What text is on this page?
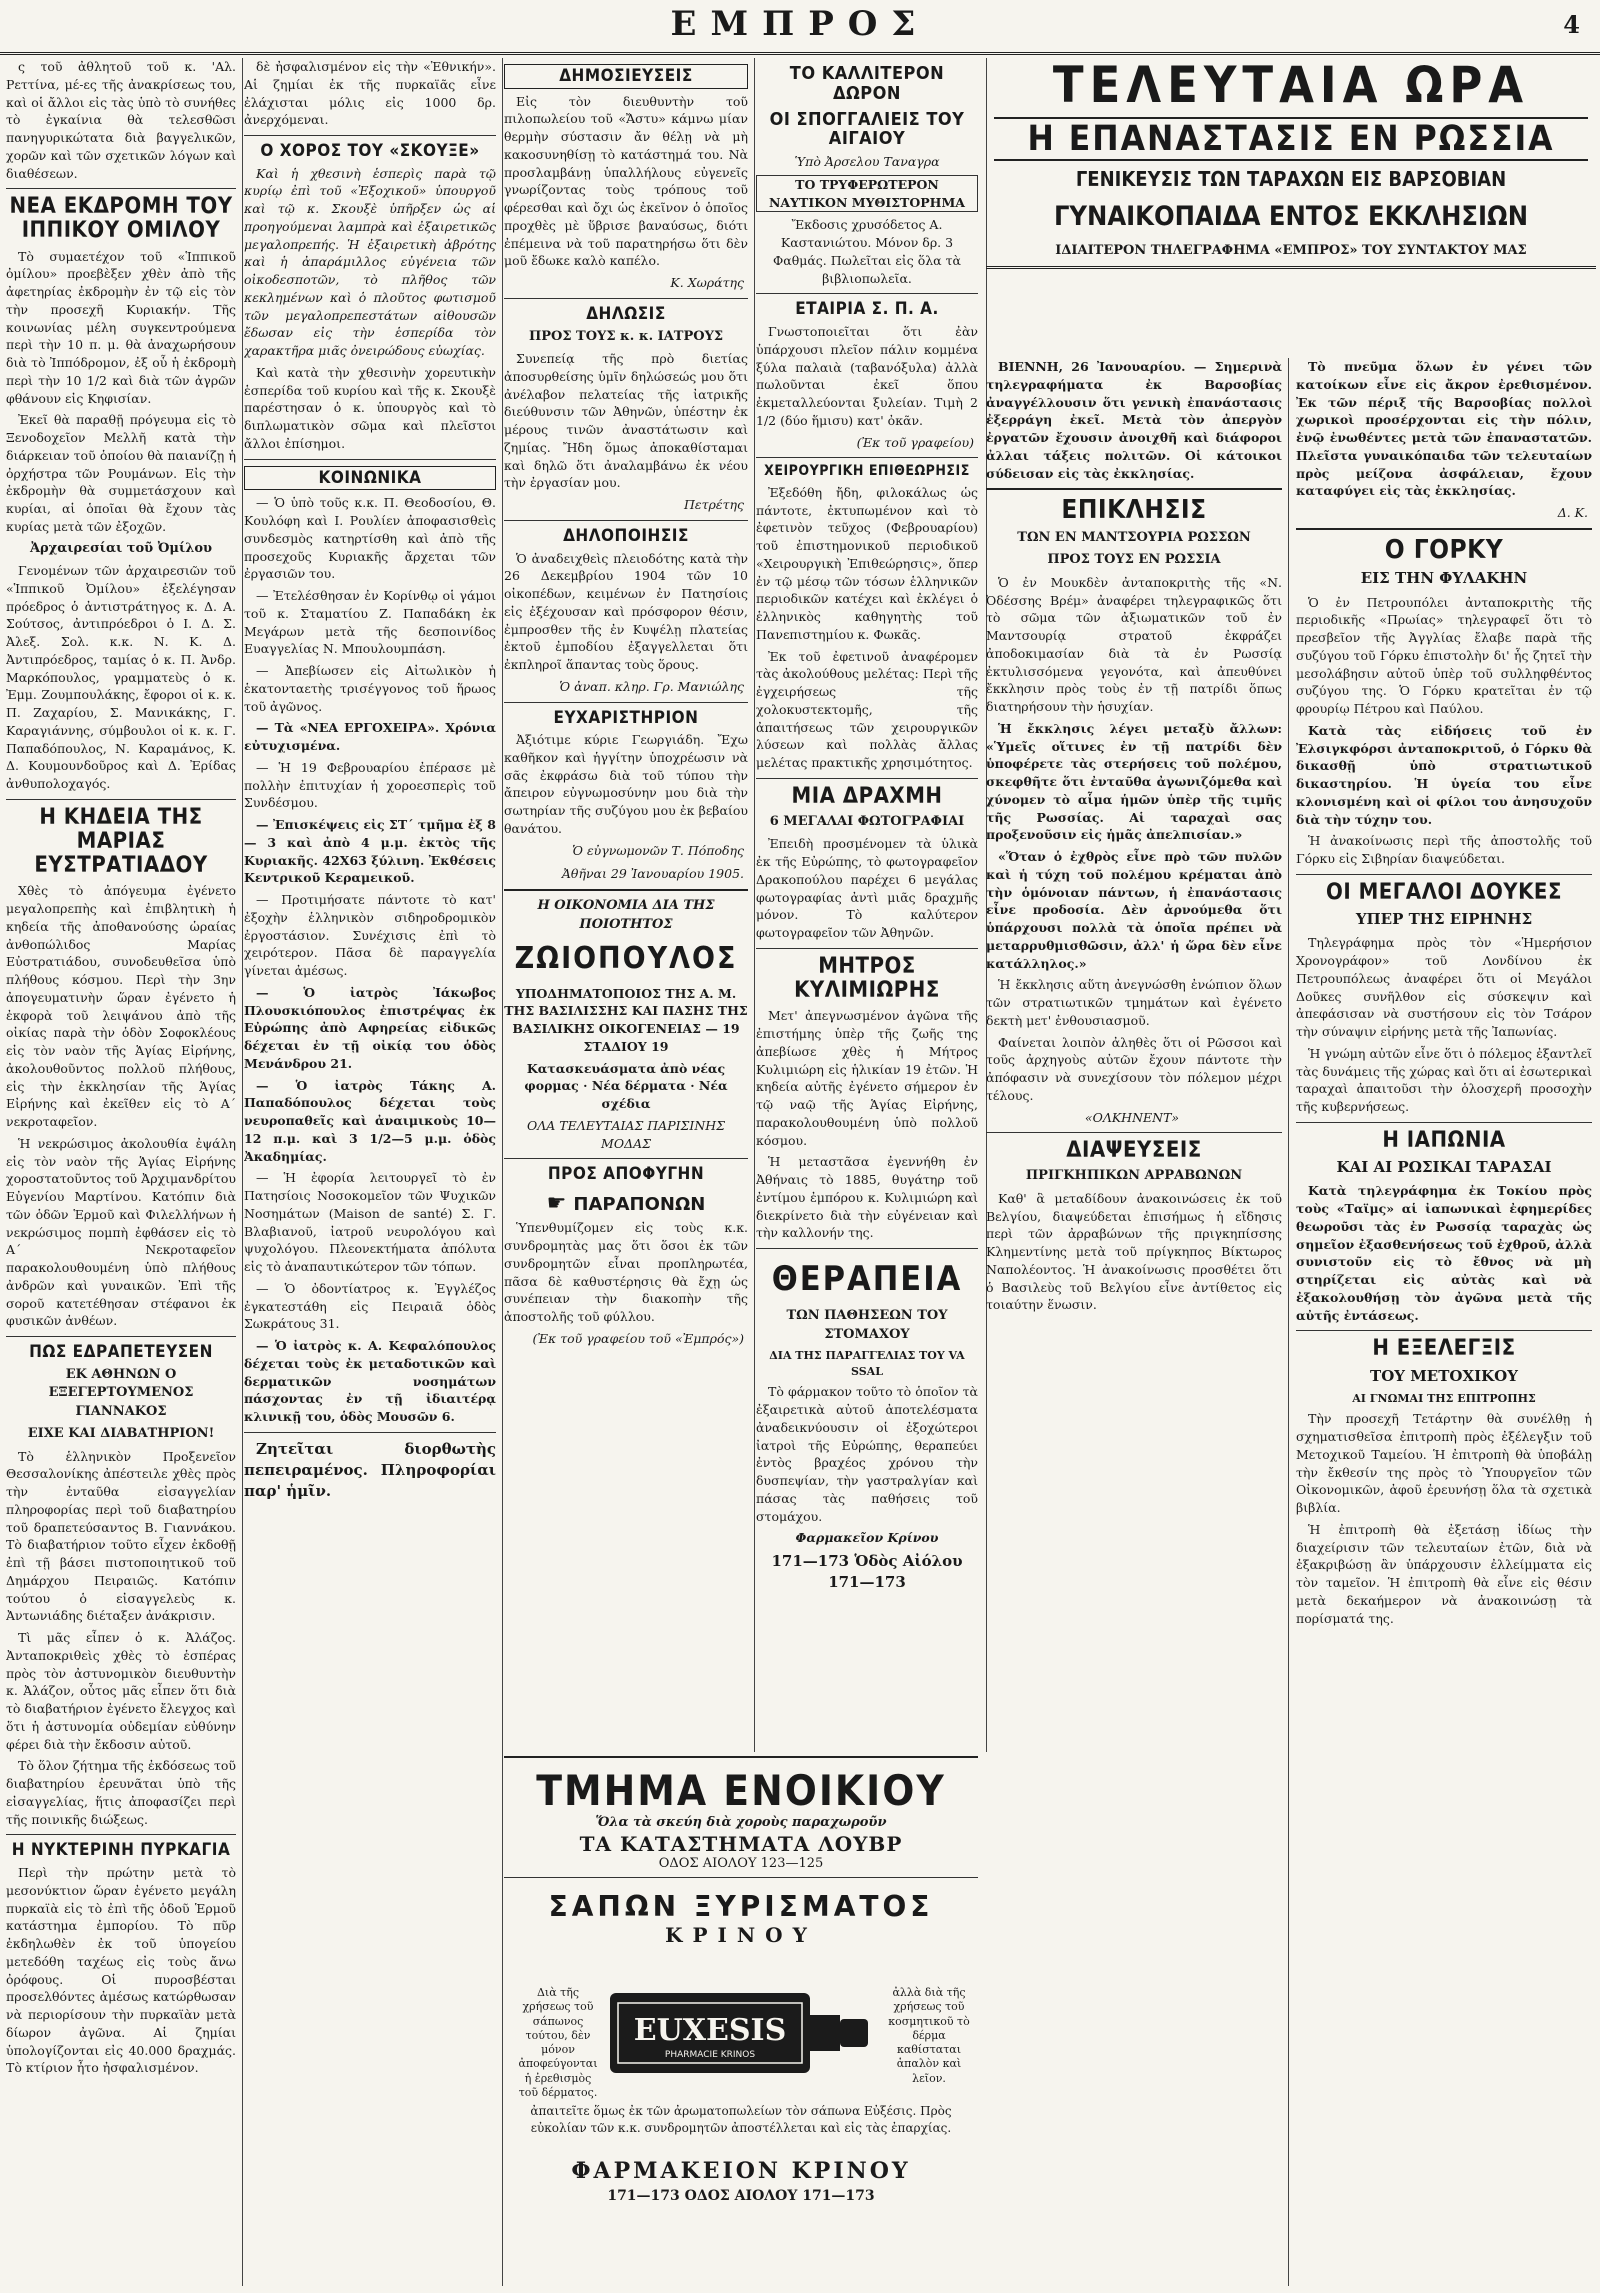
ΕΜΠΡΟΣ	4

ς τοῦ ἀθλητοῦ τοῦ κ. 'Αλ. Ρεττίνα, μέ-ες τῆς ἀνακρίσεως του, καὶ οἱ ἄλλοι εἰς τὰς ὑπὸ τὸ συνήθες τὸ ἐγκαίνια θὰ τελεσθῶσι πανηγυρικώτατα διὰ βαγγελικῶν, χορῶν καὶ τῶν σχετικῶν λόγων καὶ διαθέσεων.

ΝΕΑ ΕΚΔΡΟΜΗ ΤΟΥ ΙΠΠΙΚΟΥ ΟΜΙΛΟΥ

Τὸ συμαετέχον τοῦ «Ἱππικοῦ ὀμίλου» προεβὲξεν χθὲν ἀπὸ τῆς ἀφετηρίας ἐκδρομὴν ἐν τῷ εἰς τὸν τὴν προσεχῆ Κυριακήν. Τῆς κοινωνίας μέλη συγκεντρούμενα περὶ τὴν 10 π. μ. θὰ ἀναχωρήσουν διὰ τὸ Ἰππόδρομον, ἐξ οὗ ἡ ἐκδρομὴ περὶ τὴν 10 1/2 καὶ διὰ τῶν ἀγρῶν φθάνουν εἰς Κηφισίαν.

Ἐκεῖ θὰ παραθῇ πρόγευμα εἰς τὸ Ξενοδοχεῖον Μελλῆ κατὰ τὴν διάρκειαν τοῦ ὁποίου θὰ παιανίζῃ ἡ ὀρχήστρα τῶν Ρουμάνων. Εἰς τὴν ἐκδρομὴν θὰ συμμετάσχουν καὶ κυρίαι, αἱ ὁποῖαι θὰ ἔχουν τὰς κυρίας μετὰ τῶν ἐξοχῶν.

Ἀρχαιρεσίαι τοῦ Ὀμίλου

Γενομένων τῶν ἀρχαιρεσιῶν τοῦ «Ἱππικοῦ Ὀμίλου» ἐξελέγησαν πρόεδρος ὁ ἀντιστράτηγος κ. Δ. Α. Σούτσος, ἀντιπρόεδροι ὁ Ι. Δ. Σ. Ἀλεξ. Σολ. κ.κ. Ν. Κ. Δ. Ἀντιπρόεδρος, ταμίας ὁ κ. Π. Ἀνδρ. Μαρκόπουλος, γραμματεὺς ὁ κ. Ἐμμ. Ζουμπουλάκης, ἔφοροι οἱ κ. κ. Π. Ζαχαρίου, Σ. Μανικάκης, Γ. Καραγιάννης, σύμβουλοι οἱ κ. κ. Γ. Παπαδόπουλος, Ν. Καραμάνος, Κ. Δ. Κουμουνδοῦρος καὶ Δ. Ἐρίδας ἀνθυπολοχαγός.

Η ΚΗΔΕΙΑ ΤΗΣ ΜΑΡΙΑΣ ΕΥΣΤΡΑΤΙΑΔΟΥ

Χθὲς τὸ ἀπόγευμα ἐγένετο μεγαλοπρεπὴς καὶ ἐπιβλητικὴ ἡ κηδεία τῆς ἀποθανούσης ὡραίας ἀνθοπώλιδος Μαρίας Εὐστρατιάδου, συνοδευθεῖσα ὑπὸ πλήθους κόσμου. Περὶ τὴν 3ην ἀπογευματινὴν ὥραν ἐγένετο ἡ ἐκφορὰ τοῦ λειψάνου ἀπὸ τῆς οἰκίας παρὰ τὴν ὁδὸν Σοφοκλέους εἰς τὸν ναὸν τῆς Ἁγίας Εἰρήνης, ἀκολουθοῦντος πολλοῦ πλήθους, εἰς τὴν ἐκκλησίαν τῆς Ἁγίας Εἰρήνης καὶ ἐκεῖθεν εἰς τὸ Α΄ νεκροταφεῖον.

Ἡ νεκρώσιμος ἀκολουθία ἐψάλη εἰς τὸν ναὸν τῆς Ἁγίας Εἰρήνης χοροστατοῦντος τοῦ Ἀρχιμανδρίτου Εὐγενίου Μαρτίνου. Κατόπιν διὰ τῶν ὁδῶν Ἑρμοῦ καὶ Φιλελλήνων ἡ νεκρώσιμος πομπὴ ἐφθάσεν εἰς τὸ Α΄ Νεκροταφεῖον παρακολουθουμένη ὑπὸ πλήθους ἀνδρῶν καὶ γυναικῶν. Ἐπὶ τῆς σοροῦ κατετέθησαν στέφανοι ἐκ φυσικῶν ἀνθέων.

ΠΩΣ ΕΔΡΑΠΕΤΕΥΣΕΝ
ΕΚ ΑΘΗΝΩΝ Ο ΕΞΕΓΕΡΤΟΥΜΕΝΟΣ ΓΙΑΝΝΑΚΟΣ
ΕΙΧΕ ΚΑΙ ΔΙΑΒΑΤΗΡΙΟΝ!

Τὸ ἑλληνικὸν Προξενεῖον Θεσσαλονίκης ἀπέστειλε χθὲς πρὸς τὴν ἐνταῦθα εἰσαγγελίαν πληροφορίας περὶ τοῦ διαβατηρίου τοῦ δραπετεύσαντος Β. Γιαννάκου. Τὸ διαβατήριον τοῦτο εἶχεν ἐκδοθῇ ἐπὶ τῇ βάσει πιστοποιητικοῦ τοῦ Δημάρχου Πειραιῶς. Κατόπιν τούτου ὁ εἰσαγγελεὺς κ. Ἀντωνιάδης διέταξεν ἀνάκρισιν.

Τὶ μᾶς εἶπεν ὁ κ. Ἀλάζος. Ἀνταποκριθεὶς χθὲς τὸ ἑσπέρας πρὸς τὸν ἀστυνομικὸν διευθυντὴν κ. Ἀλάζον, οὗτος μᾶς εἶπεν ὅτι διὰ τὸ διαβατήριον ἐγένετο ἔλεγχος καὶ ὅτι ἡ ἀστυνομία οὐδεμίαν εὐθύνην φέρει διὰ τὴν ἔκδοσιν αὐτοῦ.

Τὸ ὅλον ζήτημα τῆς ἐκδόσεως τοῦ διαβατηρίου ἐρευνᾶται ὑπὸ τῆς εἰσαγγελίας, ἥτις ἀποφασίζει περὶ τῆς ποινικῆς διώξεως.

Η ΝΥΚΤΕΡΙΝΗ ΠΥΡΚΑΓΙΑ

Περὶ τὴν πρώτην μετὰ τὸ μεσονύκτιον ὥραν ἐγένετο μεγάλη πυρκαϊὰ εἰς τὸ ἐπὶ τῆς ὁδοῦ Ἑρμοῦ κατάστημα ἐμπορίου. Τὸ πῦρ ἐκδηλωθὲν ἐκ τοῦ ὑπογείου μετεδόθη ταχέως εἰς τοὺς ἄνω ὀρόφους. Οἱ πυροσβέσται προσελθόντες ἀμέσως κατώρθωσαν νὰ περιορίσουν τὴν πυρκαϊὰν μετὰ δίωρον ἀγῶνα. Αἱ ζημίαι ὑπολογίζονται εἰς 40.000 δραχμάς. Τὸ κτίριον ἦτο ἠσφαλισμένον.

δὲ ἠσφαλισμένον εἰς τὴν «Ἐθνικήν». Αἱ ζημίαι ἐκ τῆς πυρκαϊᾶς εἶνε ἐλάχισται μόλις εἰς 1000 δρ. ἀνερχόμεναι.

Ο ΧΟΡΟΣ ΤΟΥ «ΣΚΟΥΞΕ»

Καὶ ἡ χθεσινὴ ἑσπερὶς παρὰ τῷ κυρίῳ ἐπὶ τοῦ «Ἐξοχικοῦ» ὑπουργοῦ καὶ τῷ κ. Σκουξὲ ὑπῆρξεν ὡς αἱ προηγούμεναι λαμπρὰ καὶ ἐξαιρετικῶς μεγαλοπρεπής. Ἡ ἐξαιρετικὴ ἀβρότης καὶ ἡ ἀπαράμιλλος εὐγένεια τῶν οἰκοδεσποτῶν, τὸ πλῆθος τῶν κεκλημένων καὶ ὁ πλοῦτος φωτισμοῦ τῶν μεγαλοπρεπεστάτων αἰθουσῶν ἔδωσαν εἰς τὴν ἑσπερίδα τὸν χαρακτῆρα μιᾶς ὀνειρώδους εὐωχίας.

Καὶ κατὰ τὴν χθεσινὴν χορευτικὴν ἑσπερίδα τοῦ κυρίου καὶ τῆς κ. Σκουξὲ παρέστησαν ὁ κ. ὑπουργὸς καὶ τὸ διπλωματικὸν σῶμα καὶ πλεῖστοι ἄλλοι ἐπίσημοι.

ΚΟΙΝΩΝΙΚΑ

— Ὁ ὑπὸ τοῦς κ.κ. Π. Θεοδοσίου, Θ. Κουλόφη καὶ Ι. Ρουλίεν ἀποφασισθεὶς συνδεσμὸς κατηρτίσθη καὶ ἀπὸ τῆς προσεχοῦς Κυριακῆς ἄρχεται τῶν ἐργασιῶν του.

— Ἐτελέσθησαν ἐν Κορίνθῳ οἱ γάμοι τοῦ κ. Σταματίου Ζ. Παπαδάκη ἐκ Μεγάρων μετὰ τῆς δεσποινίδος Ευαγγελίας Ν. Μπουλουμπάση.

— Ἀπεβίωσεν εἰς Αἰτωλικὸν ἡ ἑκατονταετὴς τρισέγγονος τοῦ ἥρωος τοῦ ἀγῶνος.

— Τὰ «ΝΕΑ ΕΡΓΟΧΕΙΡΑ». Χρόνια εὐτυχισμένα.

— Ἡ 19 Φεβρουαρίου ἐπέρασε μὲ πολλὴν ἐπιτυχίαν ἡ χοροεσπερὶς τοῦ Συνδέσμου.

— Ἐπισκέψεις εἰς ΣΤ΄ τμῆμα ἐξ 8 — 3 καὶ ἀπὸ 4 μ.μ. ἐκτὸς τῆς Κυριακῆς. 42X63 ξύλινη. Ἐκθέσεις Κεντρικοῦ Κεραμεικοῦ.

— Προτιμήσατε πάντοτε τὸ κατ' ἐξοχὴν ἑλληνικὸν σιδηροδρομικὸν ἐργοστάσιον. Συνέχισις ἐπὶ τὸ χειρότερον. Πᾶσα δὲ παραγγελία γίνεται ἀμέσως.

— Ὁ ἰατρὸς Ἰάκωβος Πλουσκιόπουλος ἐπιστρέψας ἐκ Εὐρώπης ἀπὸ Αφηρείας εἰδικῶς δέχεται ἐν τῇ οἰκίᾳ του ὁδὸς Μενάνδρου 21.

— Ὁ ἰατρὸς Τάκης Α. Παπαδόπουλος δέχεται τοὺς νευροπαθεῖς καὶ ἀναιμικοὺς 10—12 π.μ. καὶ 3 1/2—5 μ.μ. ὁδὸς Ἀκαδημίας.

— Ἡ ἐφορία λειτουργεῖ τὸ ἐν Πατησίοις Νοσοκομεῖον τῶν Ψυχικῶν Νοσημάτων (Maison de santé) Σ. Γ. Βλαβιανοῦ, ἰατροῦ νευρολόγου καὶ ψυχολόγου. Πλεονεκτήματα ἀπόλυτα εἰς τὸ ἀναπαυτικώτερον τῶν τόπων.

— Ὁ ὀδοντίατρος κ. Ἐγγλέζος ἐγκατεστάθη εἰς Πειραιᾶ ὁδὸς Σωκράτους 31.

— Ὁ ἰατρὸς κ. Α. Κεφαλόπουλος δέχεται τοὺς ἐκ μεταδοτικῶν καὶ δερματικῶν νοσημάτων πάσχοντας ἐν τῇ ἰδιαιτέρᾳ κλινικῇ του, ὁδὸς Μουσῶν 6.

Ζητεῖται διορθωτὴς πεπειραμένος. Πληροφορίαι παρ' ἡμῖν.

ΔΗΜΟΣΙΕΥΣΕΙΣ

Εἰς τὸν διευθυντὴν τοῦ πιλοπωλείου τοῦ «Ἄστυ» κάμνω μίαν θερμὴν σύστασιν ἄν θέλῃ νὰ μὴ κακοσυνηθίσῃ τὸ κατάστημά του. Νὰ προσλαμβάνῃ ὑπαλλήλους εὐγενεῖς γνωρίζοντας τοὺς τρόπους τοῦ φέρεσθαι καὶ ὄχι ὡς ἐκεῖνον ὁ ὁποῖος προχθὲς μὲ ὕβρισε βαναύσως, διότι ἐπέμεινα νὰ τοῦ παρατηρήσω ὅτι δὲν μοῦ ἔδωκε καλὸ καπέλο.

Κ. Χωράτης
ΔΗΛΩΣΙΣ
ΠΡΟΣ ΤΟΥΣ κ. κ. ΙΑΤΡΟΥΣ

Συνεπείᾳ τῆς πρὸ διετίας ἀποσυρθείσης ὑμῖν δηλώσεώς μου ὅτι ἀνέλαβον πελατείας τῆς ἰατρικῆς διεύθυνσιν τῶν Ἀθηνῶν, ὑπέστην ἐκ μέρους τινῶν ἀναστάτωσιν καὶ ζημίας. Ἤδη ὅμως ἀποκαθίσταμαι καὶ δηλῶ ὅτι ἀναλαμβάνω ἐκ νέου τὴν ἐργασίαν μου.

Πετρέτης
ΔΗΛΟΠΟΙΗΣΙΣ

Ὁ ἀναδειχθεὶς πλειοδότης κατὰ τὴν 26 Δεκεμβρίου 1904 τῶν 10 οἰκοπέδων, κειμένων ἐν Πατησίοις εἰς ἐξέχουσαν καὶ πρόσφορον θέσιν, ἐμπροσθεν τῆς ἐν Κυψέλῃ πλατείας ἐκτοῦ ἐμποδίου ἐξαγγελλεται ὅτι ἐκπληροῖ ἅπαντας τοὺς ὅρους.

Ὁ ἀναπ. κληρ. Γρ. Μανιώλης
ΕΥΧΑΡΙΣΤΗΡΙΟΝ

Ἀξιότιμε κύριε Γεωργιάδη. Ἔχω καθῆκον καὶ ἡγγίτην ὑποχρέωσιν νὰ σᾶς ἐκφράσω διὰ τοῦ τύπου τὴν ἄπειρον εὐγνωμοσύνην μου διὰ τὴν σωτηρίαν τῆς συζύγου μου ἐκ βεβαίου θανάτου.

Ὁ εὐγνωμονῶν Τ. Πόποδης
Ἀθῆναι 29 Ἰανουαρίου 1905.
Η ΟΙΚΟΝΟΜΙΑ ΔΙΑ ΤΗΣ ΠΟΙΟΤΗΤΟΣ
ΖΩΙΟΠΟΥΛΟΣ

ΥΠΟΔΗΜΑΤΟΠΟΙΟΣ ΤΗΣ Α. Μ. ΤΗΣ ΒΑΣΙΛΙΣΣΗΣ ΚΑΙ ΠΑΣΗΣ ΤΗΣ ΒΑΣΙΛΙΚΗΣ ΟΙΚΟΓΕΝΕΙΑΣ — 19 ΣΤΑΔΙΟΥ 19

Κατασκευάσματα ἀπὸ νέας φορμας · Νέα δέρματα · Νέα σχέδια

ΟΛΑ ΤΕΛΕΥΤΑΙΑΣ ΠΑΡΙΣΙΝΗΣ ΜΟΔΑΣ

ΠΡΟΣ ΑΠΟΦΥΓΗΝ
☛ ΠΑΡΑΠΟΝΩΝ

Ὑπενθυμίζομεν εἰς τοὺς κ.κ. συνδρομητὰς μας ὅτι ὅσοι ἐκ τῶν συνδρομητῶν εἶναι προπληρωτέα, πᾶσα δὲ καθυστέρησις θὰ ἔχῃ ὡς συνέπειαν τὴν διακοπὴν τῆς ἀποστολῆς τοῦ φύλλου.

(Ἐκ τοῦ γραφείου τοῦ «Ἐμπρός»)
ΤΟ ΚΑΛΛΙΤΕΡΟΝ ΔΩΡΟΝ
ΟΙ ΣΠΟΓΓΑΛΙΕΙΣ ΤΟΥ ΑΙΓΑΙΟΥ

Ὑπὸ Ἀρσελου Ταναγρα

ΤΟ ΤΡΥΦΕΡΩΤΕΡΟΝ ΝΑΥΤΙΚΟΝ ΜΥΘΙΣΤΟΡΗΜΑ

Ἔκδοσις χρυσόδετος Α. Καστανιώτου. Μόνον δρ. 3 Φαθμάς. Πωλεῖται εἰς ὅλα τὰ βιβλιοπωλεῖα.

ΕΤΑΙΡΙΑ Σ. Π. Α.

Γνωστοποιεῖται ὅτι ἐὰν ὑπάρχουσι πλεῖον πάλιν κομμένα ξύλα παλαιὰ (ταβανόξυλα) ἀλλὰ πωλοῦνται ἐκεῖ ὅπου ἐκμεταλλεύονται ξυλείαν. Τιμὴ 2 1/2 (δύο ἥμισυ) κατ' ὀκᾶν.

(Ἐκ τοῦ γραφείου)
ΧΕΙΡΟΥΡΓΙΚΗ ΕΠΙΘΕΩΡΗΣΙΣ

Ἐξεδόθη ἤδη, φιλοκάλως ὡς πάντοτε, ἐκτυπωμένον καὶ τὸ ἐφετινὸν τεῦχος (Φεβρουαρίου) τοῦ ἐπιστημονικοῦ περιοδικοῦ «Χειρουργικὴ Ἐπιθεώρησις», ὅπερ ἐν τῷ μέσῳ τῶν τόσων ἑλληνικῶν περιοδικῶν κατέχει καὶ ἐκλέγει ὁ ἑλληνικὸς καθηγητὴς τοῦ Πανεπιστημίου κ. Φωκᾶς.

Ἐκ τοῦ ἐφετινοῦ ἀναφέρομεν τὰς ἀκολούθους μελέτας: Περὶ τῆς ἐγχειρήσεως τῆς χολοκυστεκτομῆς, τῆς ἀπαιτήσεως τῶν χειρουργικῶν λύσεων καὶ πολλὰς ἄλλας μελέτας πρακτικῆς χρησιμότητος.

ΜΙΑ ΔΡΑΧΜΗ
6 ΜΕΓΑΛΑΙ ΦΩΤΟΓΡΑΦΙΑΙ

Ἐπειδὴ προσμένομεν τὰ ὑλικὰ ἐκ τῆς Εὐρώπης, τὸ φωτογραφεῖον Δρακοπούλου παρέχει 6 μεγάλας φωτογραφίας ἀντὶ μιᾶς δραχμῆς μόνον. Τὸ καλύτερον φωτογραφεῖον τῶν Ἀθηνῶν.

ΜΗΤΡΟΣ ΚΥΛΙΜΙΩΡΗΣ

Μετ' ἀπεγνωσμένον ἀγῶνα τῆς ἐπιστήμης ὑπὲρ τῆς ζωῆς της ἀπεβίωσε χθὲς ἡ Μήτρος Κυλιμιώρη εἰς ἡλικίαν 19 ἐτῶν. Ἡ κηδεία αὐτῆς ἐγένετο σήμερον ἐν τῷ ναῷ τῆς Ἁγίας Εἰρήνης, παρακολουθουμένη ὑπὸ πολλοῦ κόσμου.

Ἡ μεταστᾶσα ἐγεννήθη ἐν Ἀθήναις τὸ 1885, θυγάτηρ τοῦ ἐντίμου ἐμπόρου κ. Κυλιμιώρη καὶ διεκρίνετο διὰ τὴν εὐγένειαν καὶ τὴν καλλονήν της.

ΘΕΡΑΠΕΙΑ
ΤΩΝ ΠΑΘΗΣΕΩΝ ΤΟΥ ΣΤΟΜΑΧΟΥ
ΔΙΑ ΤΗΣ ΠΑΡΑΓΓΕΛΙΑΣ ΤΟΥ VA SSAL

Τὸ φάρμακον τοῦτο τὸ ὁποῖον τὰ ἐξαιρετικὰ αὐτοῦ ἀποτελέσματα ἀναδεικνύουσιν οἱ ἐξοχώτεροι ἰατροὶ τῆς Εὐρώπης, θεραπεύει ἐντὸς βραχέος χρόνου τὴν δυσπεψίαν, τὴν γαστραλγίαν καὶ πάσας τὰς παθήσεις τοῦ στομάχου.

Φαρμακεῖον Κρίνου

171—173 Ὁδὸς Αἰόλου 171—173

ΤΜΗΜΑ ΕΝΟΙΚΙΟΥ
Ὅλα τὰ σκεύη διὰ χοροὺς παραχωροῦν
ΤΑ ΚΑΤΑΣΤΗΜΑΤΑ ΛΟΥΒΡ
ΟΔΟΣ ΑΙΟΛΟΥ 123—125
ΣΑΠΩΝ ΞΥΡΙΣΜΑΤΟΣ
ΚΡΙΝΟΥ
Διὰ τῆς χρήσεως τοῦ σάπωνος τούτου, δὲν μόνον ἀποφεύγονται ἡ ἐρεθισμὸς τοῦ δέρματος.
EUXESIS
PHARMACIE KRINOS
ἀλλὰ διὰ τῆς χρήσεως τοῦ κοσμητικοῦ τὸ δέρμα καθίσταται ἁπαλὸν καὶ λεῖον.
ἀπαιτεῖτε ὅμως ἐκ τῶν ἀρωματοπωλείων τὸν σάπωνα Εὐξέσις. Πρὸς εὐκολίαν τῶν κ.κ. συνδρομητῶν ἀποστέλλεται καὶ εἰς τὰς ἐπαρχίας.
ΦΑΡΜΑΚΕΙΟΝ ΚΡΙΝΟΥ
171—173 ΟΔΟΣ ΑΙΟΛΟΥ 171—173
ΤΕΛΕΥΤΑΙΑ ΩΡΑ
Η ΕΠΑΝΑΣΤΑΣΙΣ ΕΝ ΡΩΣΣΙΑ
ΓΕΝΙΚΕΥΣΙΣ ΤΩΝ ΤΑΡΑΧΩΝ ΕΙΣ ΒΑΡΣΟΒΙΑΝ
ΓΥΝΑΙΚΟΠΑΙΔΑ ΕΝΤΟΣ ΕΚΚΛΗΣΙΩΝ
ΙΔΙΑΙΤΕΡΟΝ ΤΗΛΕΓΡΑΦΗΜΑ «ΕΜΠΡΟΣ» ΤΟΥ ΣΥΝΤΑΚΤΟΥ ΜΑΣ

ΒΙΕΝΝΗ, 26 Ἰανουαρίου. — Σημερινὰ τηλεγραφήματα ἐκ Βαρσοβίας ἀναγγέλλουσιν ὅτι γενικὴ ἐπανάστασις ἐξερράγη ἐκεῖ. Μετὰ τὸν ἀπεργὸν ἐργατῶν ἔχουσιν ἀνοιχθῆ καὶ διάφοροι ἀλλαι τάξεις πολιτῶν. Οἱ κάτοικοι σύδεισαν εἰς τὰς ἐκκλησίας.

ΕΠΙΚΛΗΣΙΣ
ΤΩΝ ΕΝ ΜΑΝΤΣΟΥΡΙΑ ΡΩΣΣΩΝ
ΠΡΟΣ ΤΟΥΣ ΕΝ ΡΩΣΣΙΑ

Ὁ ἐν Μουκδὲν ἀνταποκριτὴς τῆς «Ν. Ὀδέσσης Βρέμ» ἀναφέρει τηλεγραφικῶς ὅτι τὸ σῶμα τῶν ἀξιωματικῶν τοῦ ἐν Μαντσουρίᾳ στρατοῦ ἐκφράζει ἀποδοκιμασίαν διὰ τὰ ἐν Ρωσσίᾳ ἐκτυλισσόμενα γεγονότα, καὶ ἀπευθύνει ἔκκλησιν πρὸς τοὺς ἐν τῇ πατρίδι ὅπως διατηρήσουν τὴν ἡσυχίαν.

Ἡ ἔκκλησις λέγει μεταξὺ ἄλλων: «Ὑμεῖς οἵτινες ἐν τῇ πατρίδι δὲν ὑποφέρετε τὰς στερήσεις τοῦ πολέμου, σκεφθῆτε ὅτι ἐνταῦθα ἀγωνιζόμεθα καὶ χύνομεν τὸ αἷμα ἡμῶν ὑπὲρ τῆς τιμῆς τῆς Ρωσσίας. Αἱ ταραχαὶ σας προξενοῦσιν εἰς ἡμᾶς ἀπελπισίαν.»

«Ὅταν ὁ ἐχθρὸς εἶνε πρὸ τῶν πυλῶν καὶ ἡ τύχη τοῦ πολέμου κρέμαται ἀπὸ τὴν ὁμόνοιαν πάντων, ἡ ἐπανάστασις εἶνε προδοσία. Δὲν ἀρνούμεθα ὅτι ὑπάρχουσι πολλὰ τὰ ὁποῖα πρέπει νὰ μεταρρυθμισθῶσιν, ἀλλ' ἡ ὥρα δὲν εἶνε κατάλληλος.»

Ἡ ἔκκλησις αὕτη ἀνεγνώσθη ἐνώπιον ὅλων τῶν στρατιωτικῶν τμημάτων καὶ ἐγένετο δεκτὴ μετ' ἐνθουσιασμοῦ.

Φαίνεται λοιπὸν ἀληθὲς ὅτι οἱ Ρῶσσοι καὶ τοῦς ἀρχηγοὺς αὐτῶν ἔχουν πάντοτε τὴν ἀπόφασιν νὰ συνεχίσουν τὸν πόλεμον μέχρι τέλους.

«ΟΛΚΗΝΕΝΤ»
ΔΙΑΨΕΥΣΕΙΣ
ΠΡΙΓΚΗΠΙΚΩΝ ΑΡΡΑΒΩΝΩΝ

Καθ' ἃ μεταδίδουν ἀνακοινώσεις ἐκ τοῦ Βελγίου, διαψεύδεται ἐπισήμως ἡ εἴδησις περὶ τῶν ἀρραβώνων τῆς πριγκηπίσσης Κλημεντίνης μετὰ τοῦ πρίγκηπος Βίκτωρος Ναπολέοντος. Ἡ ἀνακοίνωσις προσθέτει ὅτι ὁ Βασιλεὺς τοῦ Βελγίου εἶνε ἀντίθετος εἰς τοιαύτην ἕνωσιν.

Τὸ πνεῦμα ὅλων ἐν γένει τῶν κατοίκων εἶνε εἰς ἄκρον ἐρεθισμένον. Ἐκ τῶν πέριξ τῆς Βαρσοβίας πολλοὶ χωρικοὶ προσέρχονται εἰς τὴν πόλιν, ἐνῷ ἐνωθέντες μετὰ τῶν ἐπαναστατῶν. Πλεῖστα γυναικόπαιδα τῶν τελευταίων πρὸς μείζονα ἀσφάλειαν, ἔχουν καταφύγει εἰς τὰς ἐκκλησίας.

Δ. Κ.
Ο ΓΟΡΚΥ
ΕΙΣ ΤΗΝ ΦΥΛΑΚΗΝ

Ὁ ἐν Πετρουπόλει ἀνταποκριτὴς τῆς περιοδικῆς «Πρωίας» τηλεγραφεῖ ὅτι τὸ πρεσβεῖον τῆς Ἀγγλίας ἔλαβε παρὰ τῆς συζύγου τοῦ Γόρκυ ἐπιστολὴν δι' ἧς ζητεῖ τὴν μεσολάβησιν αὐτοῦ ὑπὲρ τοῦ συλληφθέντος συζύγου της. Ὁ Γόρκυ κρατεῖται ἐν τῷ φρουρίῳ Πέτρου καὶ Παύλου.

Κατὰ τὰς εἰδήσεις τοῦ ἐν Ἐλσιγκφόρσι ἀνταποκριτοῦ, ὁ Γόρκυ θὰ δικασθῇ ὑπὸ στρατιωτικοῦ δικαστηρίου. Ἡ ὑγεία του εἶνε κλονισμένη καὶ οἱ φίλοι του ἀνησυχοῦν διὰ τὴν τύχην του.

Ἡ ἀνακοίνωσις περὶ τῆς ἀποστολῆς τοῦ Γόρκυ εἰς Σιβηρίαν διαψεύδεται.

ΟΙ ΜΕΓΑΛΟΙ ΔΟΥΚΕΣ
ΥΠΕΡ ΤΗΣ ΕΙΡΗΝΗΣ

Τηλεγράφημα πρὸς τὸν «Ἡμερήσιον Χρονογράφον» τοῦ Λονδίνου ἐκ Πετρουπόλεως ἀναφέρει ὅτι οἱ Μεγάλοι Δοῦκες συνῆλθον εἰς σύσκεψιν καὶ ἀπεφάσισαν νὰ συστήσουν εἰς τὸν Τσάρον τὴν σύναψιν εἰρήνης μετὰ τῆς Ἰαπωνίας.

Ἡ γνώμη αὐτῶν εἶνε ὅτι ὁ πόλεμος ἐξαντλεῖ τὰς δυνάμεις τῆς χώρας καὶ ὅτι αἱ ἐσωτερικαὶ ταραχαὶ ἀπαιτοῦσι τὴν ὁλοσχερῆ προσοχὴν τῆς κυβερνήσεως.

Η ΙΑΠΩΝΙΑ
ΚΑΙ ΑΙ ΡΩΣΙΚΑΙ ΤΑΡΑΣΑΙ

Κατὰ τηλεγράφημα ἐκ Τοκίου πρὸς τοὺς «Ταϊμς» αἱ ἰαπωνικαὶ ἐφημερίδες θεωροῦσι τὰς ἐν Ρωσσίᾳ ταραχὰς ὡς σημεῖον ἐξασθενήσεως τοῦ ἐχθροῦ, ἀλλὰ συνιστοῦν εἰς τὸ ἔθνος νὰ μὴ στηρίζεται εἰς αὐτὰς καὶ νὰ ἐξακολουθήσῃ τὸν ἀγῶνα μετὰ τῆς αὐτῆς ἐντάσεως.

Η ΕΞΕΛΕΓΞΙΣ
ΤΟΥ ΜΕΤΟΧΙΚΟΥ
ΑΙ ΓΝΩΜΑΙ ΤΗΣ ΕΠΙΤΡΟΠΗΣ

Τὴν προσεχῆ Τετάρτην θὰ συνέλθῃ ἡ σχηματισθεῖσα ἐπιτροπὴ πρὸς ἐξέλεγξιν τοῦ Μετοχικοῦ Ταμείου. Ἡ ἐπιτροπὴ θὰ ὑποβάλῃ τὴν ἔκθεσίν της πρὸς τὸ Ὑπουργεῖον τῶν Οἰκονομικῶν, ἀφοῦ ἐρευνήσῃ ὅλα τὰ σχετικὰ βιβλία.

Ἡ ἐπιτροπὴ θὰ ἐξετάσῃ ἰδίως τὴν διαχείρισιν τῶν τελευταίων ἐτῶν, διὰ νὰ ἐξακριβώσῃ ἂν ὑπάρχουσιν ἐλλείμματα εἰς τὸν ταμεῖον. Ἡ ἐπιτροπὴ θὰ εἶνε εἰς θέσιν μετὰ δεκαήμερον νὰ ἀνακοινώσῃ τὰ πορίσματά της.
